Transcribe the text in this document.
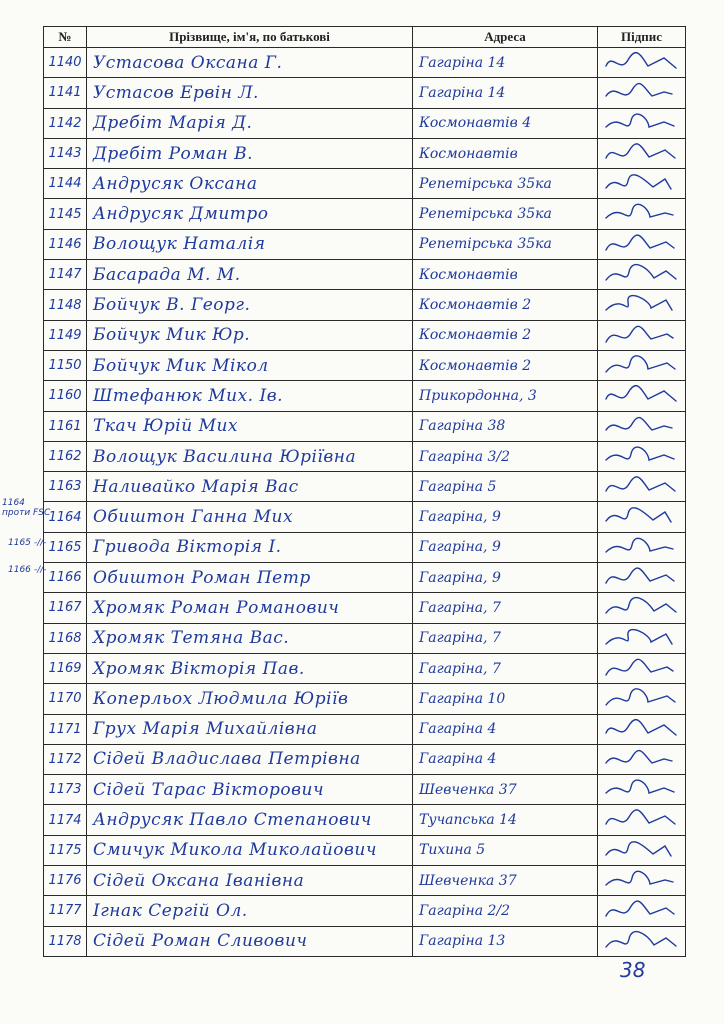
№	Прізвище, ім'я, по батькові	Адреса	Підпис
1140	Устасова Оксана Г.	Гагаріна 14	

1141	Устасов Ервін Л.	Гагаріна 14	

1142	Дребіт Марія Д.	Космонавтів 4	

1143	Дребіт Роман В.	Космонавтів	

1144	Андрусяк Оксана	Репетірська 35ка	

1145	Андрусяк Дмитро	Репетірська 35ка	

1146	Волощук Наталія	Репетірська 35ка	

1147	Басарада М. М.	Космонавтів	

1148	Бойчук В. Георг.	Космонавтів 2	

1149	Бойчук Мик Юр.	Космонавтів 2	

1150	Бойчук Мик Мікол	Космонавтів 2	

1160	Штефанюк Мих. Ів.	Прикордонна, 3	

1161	Ткач Юрій Мих	Гагаріна 38	

1162	Волощук Василина Юріївна	Гагаріна 3/2	

1163	Наливайко Марія Вас	Гагаріна 5	

1164	Обиштон Ганна Мих	Гагаріна, 9	

1165	Гривода Вікторія І.	Гагаріна, 9	

1166	Обиштон Роман Петр	Гагаріна, 9	

1167	Хромяк Роман Романович	Гагаріна, 7	

1168	Хромяк Тетяна Вас.	Гагаріна, 7	

1169	Хромяк Вікторія Пав.	Гагаріна, 7	

1170	Коперльох Людмила Юріїв	Гагаріна 10	

1171	Грух Марія Михайлівна	Гагаріна 4	

1172	Сідей Владислава Петрівна	Гагаріна 4	

1173	Сідей Тарас Вікторович	Шевченка 37	

1174	Андрусяк Павло Степанович	Тучапська 14	

1175	Смичук Микола Миколайович	Тихина 5	

1176	Сідей Оксана Іванівна	Шевченка 37	

1177	Ігнак Сергій Ол.	Гагаріна 2/2	

1178	Сідей Роман Сливович	Гагаріна 13	
проти FSC
1164
1165
1166
-//-
-//-
38
